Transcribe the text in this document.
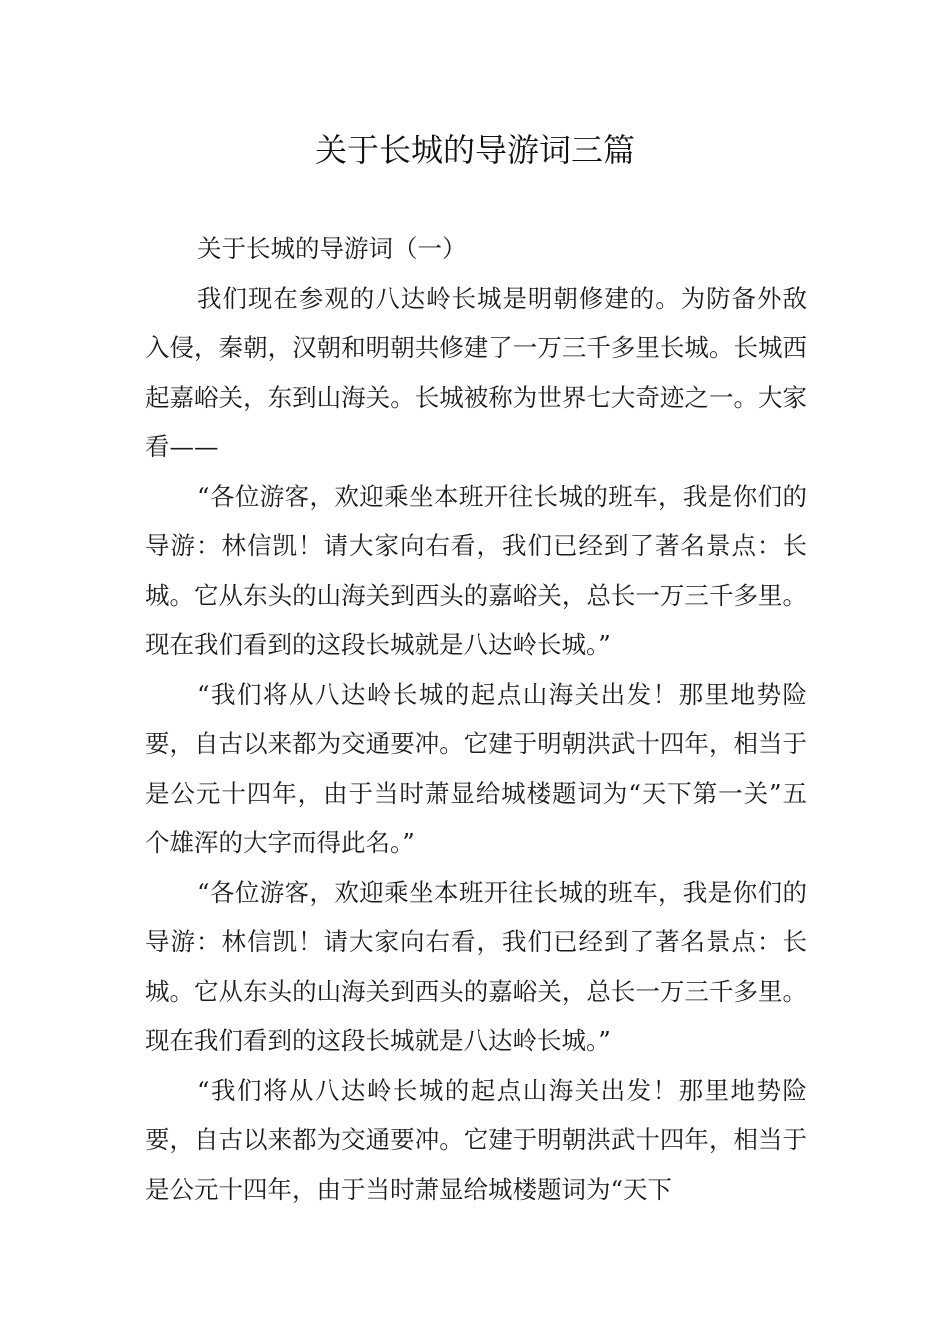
关于长城的导游词三篇

关于长城的导游词（一）

我们现在参观的八达岭长城是明朝修建的。为防备外敌入侵，秦朝，汉朝和明朝共修建了一万三千多里长城。长城西起嘉峪关，东到山海关。长城被称为世界七大奇迹之一。大家看——

“各位游客，欢迎乘坐本班开往长城的班车，我是你们的导游：林信凯！请大家向右看，我们已经到了著名景点：长城。它从东头的山海关到西头的嘉峪关，总长一万三千多里。现在我们看到的这段长城就是八达岭长城。”

“我们将从八达岭长城的起点山海关出发！那里地势险要，自古以来都为交通要冲。它建于明朝洪武十四年，相当于是公元十四年，由于当时萧显给城楼题词为“天下第一关”五个雄浑的大字而得此名。”

“各位游客，欢迎乘坐本班开往长城的班车，我是你们的导游：林信凯！请大家向右看，我们已经到了著名景点：长城。它从东头的山海关到西头的嘉峪关，总长一万三千多里。现在我们看到的这段长城就是八达岭长城。”

“我们将从八达岭长城的起点山海关出发！那里地势险要，自古以来都为交通要冲。它建于明朝洪武十四年，相当于是公元十四年，由于当时萧显给城楼题词为“天下
